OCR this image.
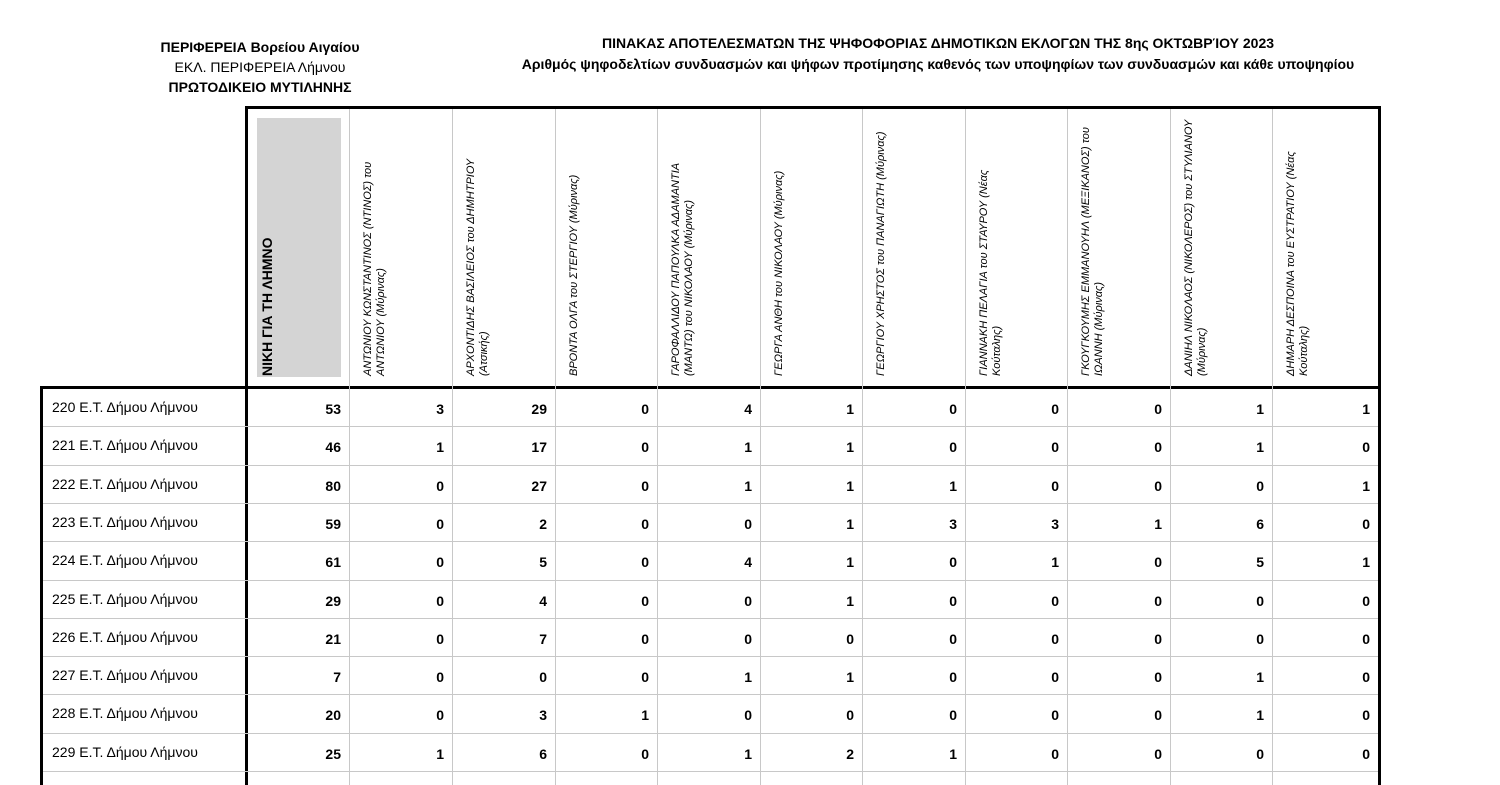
ΠΕΡΙΦΕΡΕΙΑ Βορείου Αιγαίου
ΕΚΛ. ΠΕΡΙΦΕΡΕΙΑ Λήμνου
ΠΡΩΤΟΔΙΚΕΙΟ ΜΥΤΙΛΗΝΗΣ
ΠΙΝΑΚΑΣ ΑΠΟΤΕΛΕΣΜΑΤΩΝ ΤΗΣ ΨΗΦΟΦΟΡΙΑΣ ΔΗΜΟΤΙΚΩΝ ΕΚΛΟΓΩΝ ΤΗΣ 8ης ΟΚΤΩΒΡΊΟΥ 2023
Αριθμός ψηφοδελτίων συνδυασμών και ψήφων προτίμησης καθενός των υποψηφίων των συνδυασμών και κάθε υποψηφίου
ΝΙΚΗ ΓΙΑ ΤΗ ΛΗΜΝΟ	ΑΝΤΩΝΙΟΥ ΚΩΝΣΤΑΝΤΙΝΟΣ (ΝΤΙΝΟΣ) του ΑΝΤΩΝΙΟΥ (Μύρινας)	ΑΡΧΟΝΤΙΔΗΣ ΒΑΣΙΛΕΙΟΣ του ΔΗΜΗΤΡΙΟΥ (Ατσικής)	ΒΡΟΝΤΑ ΟΛΓΑ του ΣΤΕΡΓΙΟΥ (Μύρινας)	ΓΑΡΟΦΑΛΛΙΔΟΥ ΠΑΠΟΥΛΚΑ ΑΔΑΜΑΝΤΙΑ (ΜΑΝΤΩ) του ΝΙΚΟΛΑΟΥ (Μύρινας)	ΓΕΩΡΓΑ ΑΝΘΗ του ΝΙΚΟΛΑΟΥ (Μύρινας)	ΓΕΩΡΓΙΟΥ ΧΡΗΣΤΟΣ του ΠΑΝΑΓΙΩΤΗ (Μύρινας)	ΓΙΑΝΝΑΚΗ ΠΕΛΑΓΙΑ του ΣΤΑΥΡΟΥ (Νέας Κούταλης)	ΓΚΟΥΓΚΟΥΜΗΣ ΕΜΜΑΝΟΥΗΛ (ΜΕΞΙΚΑΝΟΣ) του ΙΩΑΝΝΗ (Μύρινας)	ΔΑΝΙΗΛ ΝΙΚΟΛΑΟΣ (ΝΙΚΟΛΕΡΟΣ) του ΣΤΥΛΙΑΝΟΥ (Μύρινας)	ΔΗΜΑΡΗ ΔΕΣΠΟΙΝΑ του ΕΥΣΤΡΑΤΙΟΥ (Νέας Κούταλης)
220 Ε.Τ. Δήμου Λήμνου	53	3	29	0	4	1	0	0	0	1	1
221 Ε.Τ. Δήμου Λήμνου	46	1	17	0	1	1	0	0	0	1	0
222 Ε.Τ. Δήμου Λήμνου	80	0	27	0	1	1	1	0	0	0	1
223 Ε.Τ. Δήμου Λήμνου	59	0	2	0	0	1	3	3	1	6	0
224 Ε.Τ. Δήμου Λήμνου	61	0	5	0	4	1	0	1	0	5	1
225 Ε.Τ. Δήμου Λήμνου	29	0	4	0	0	1	0	0	0	0	0
226 Ε.Τ. Δήμου Λήμνου	21	0	7	0	0	0	0	0	0	0	0
227 Ε.Τ. Δήμου Λήμνου	7	0	0	0	1	1	0	0	0	1	0
228 Ε.Τ. Δήμου Λήμνου	20	0	3	1	0	0	0	0	0	1	0
229 Ε.Τ. Δήμου Λήμνου	25	1	6	0	1	2	1	0	0	0	0
